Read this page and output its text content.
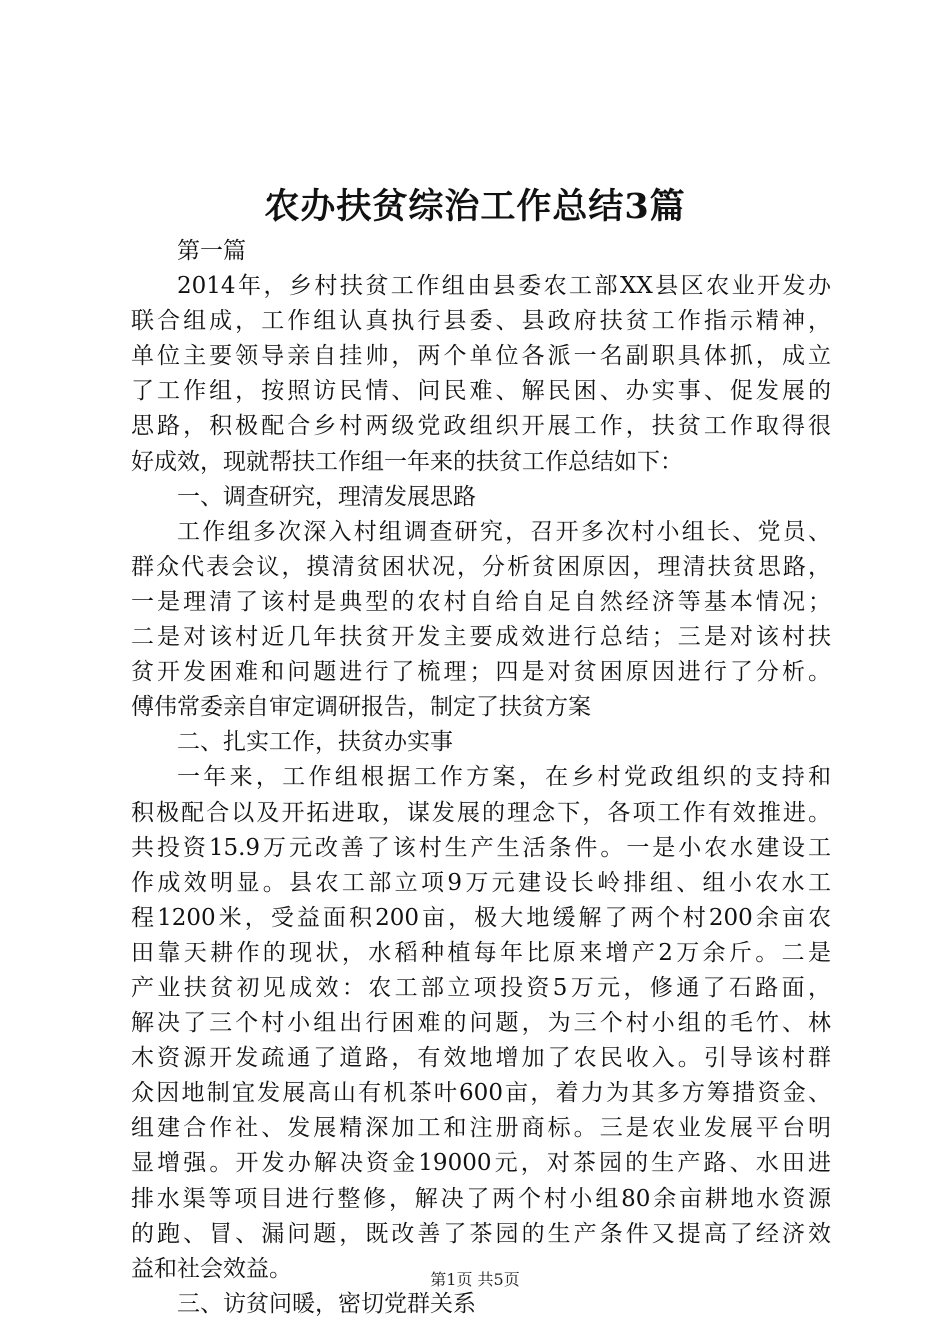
农办扶贫综治工作总结3篇
第一篇
2014年，乡村扶贫工作组由县委农工部XX县区农业开发办
联合组成，工作组认真执行县委、县政府扶贫工作指示精神，
单位主要领导亲自挂帅，两个单位各派一名副职具体抓，成立
了工作组，按照访民情、问民难、解民困、办实事、促发展的
思路，积极配合乡村两级党政组织开展工作，扶贫工作取得很
好成效，现就帮扶工作组一年来的扶贫工作总结如下：
一、调查研究，理清发展思路
工作组多次深入村组调查研究，召开多次村小组长、党员、
群众代表会议，摸清贫困状况，分析贫困原因，理清扶贫思路，
一是理清了该村是典型的农村自给自足自然经济等基本情况；
二是对该村近几年扶贫开发主要成效进行总结；三是对该村扶
贫开发困难和问题进行了梳理；四是对贫困原因进行了分析。
傅伟常委亲自审定调研报告，制定了扶贫方案
二、扎实工作，扶贫办实事
一年来，工作组根据工作方案，在乡村党政组织的支持和
积极配合以及开拓进取，谋发展的理念下，各项工作有效推进。
共投资15.9万元改善了该村生产生活条件。一是小农水建设工
作成效明显。县农工部立项9万元建设长岭排组、组小农水工
程1200米，受益面积200亩，极大地缓解了两个村200余亩农
田靠天耕作的现状，水稻种植每年比原来增产2万余斤。二是
产业扶贫初见成效：农工部立项投资5万元，修通了石路面，
解决了三个村小组出行困难的问题，为三个村小组的毛竹、林
木资源开发疏通了道路，有效地增加了农民收入。引导该村群
众因地制宜发展高山有机茶叶600亩，着力为其多方筹措资金、
组建合作社、发展精深加工和注册商标。三是农业发展平台明
显增强。开发办解决资金19000元，对茶园的生产路、水田进
排水渠等项目进行整修，解决了两个村小组80余亩耕地水资源
的跑、冒、漏问题，既改善了茶园的生产条件又提高了经济效
益和社会效益。
三、访贫问暖，密切党群关系
第1页 共5页
